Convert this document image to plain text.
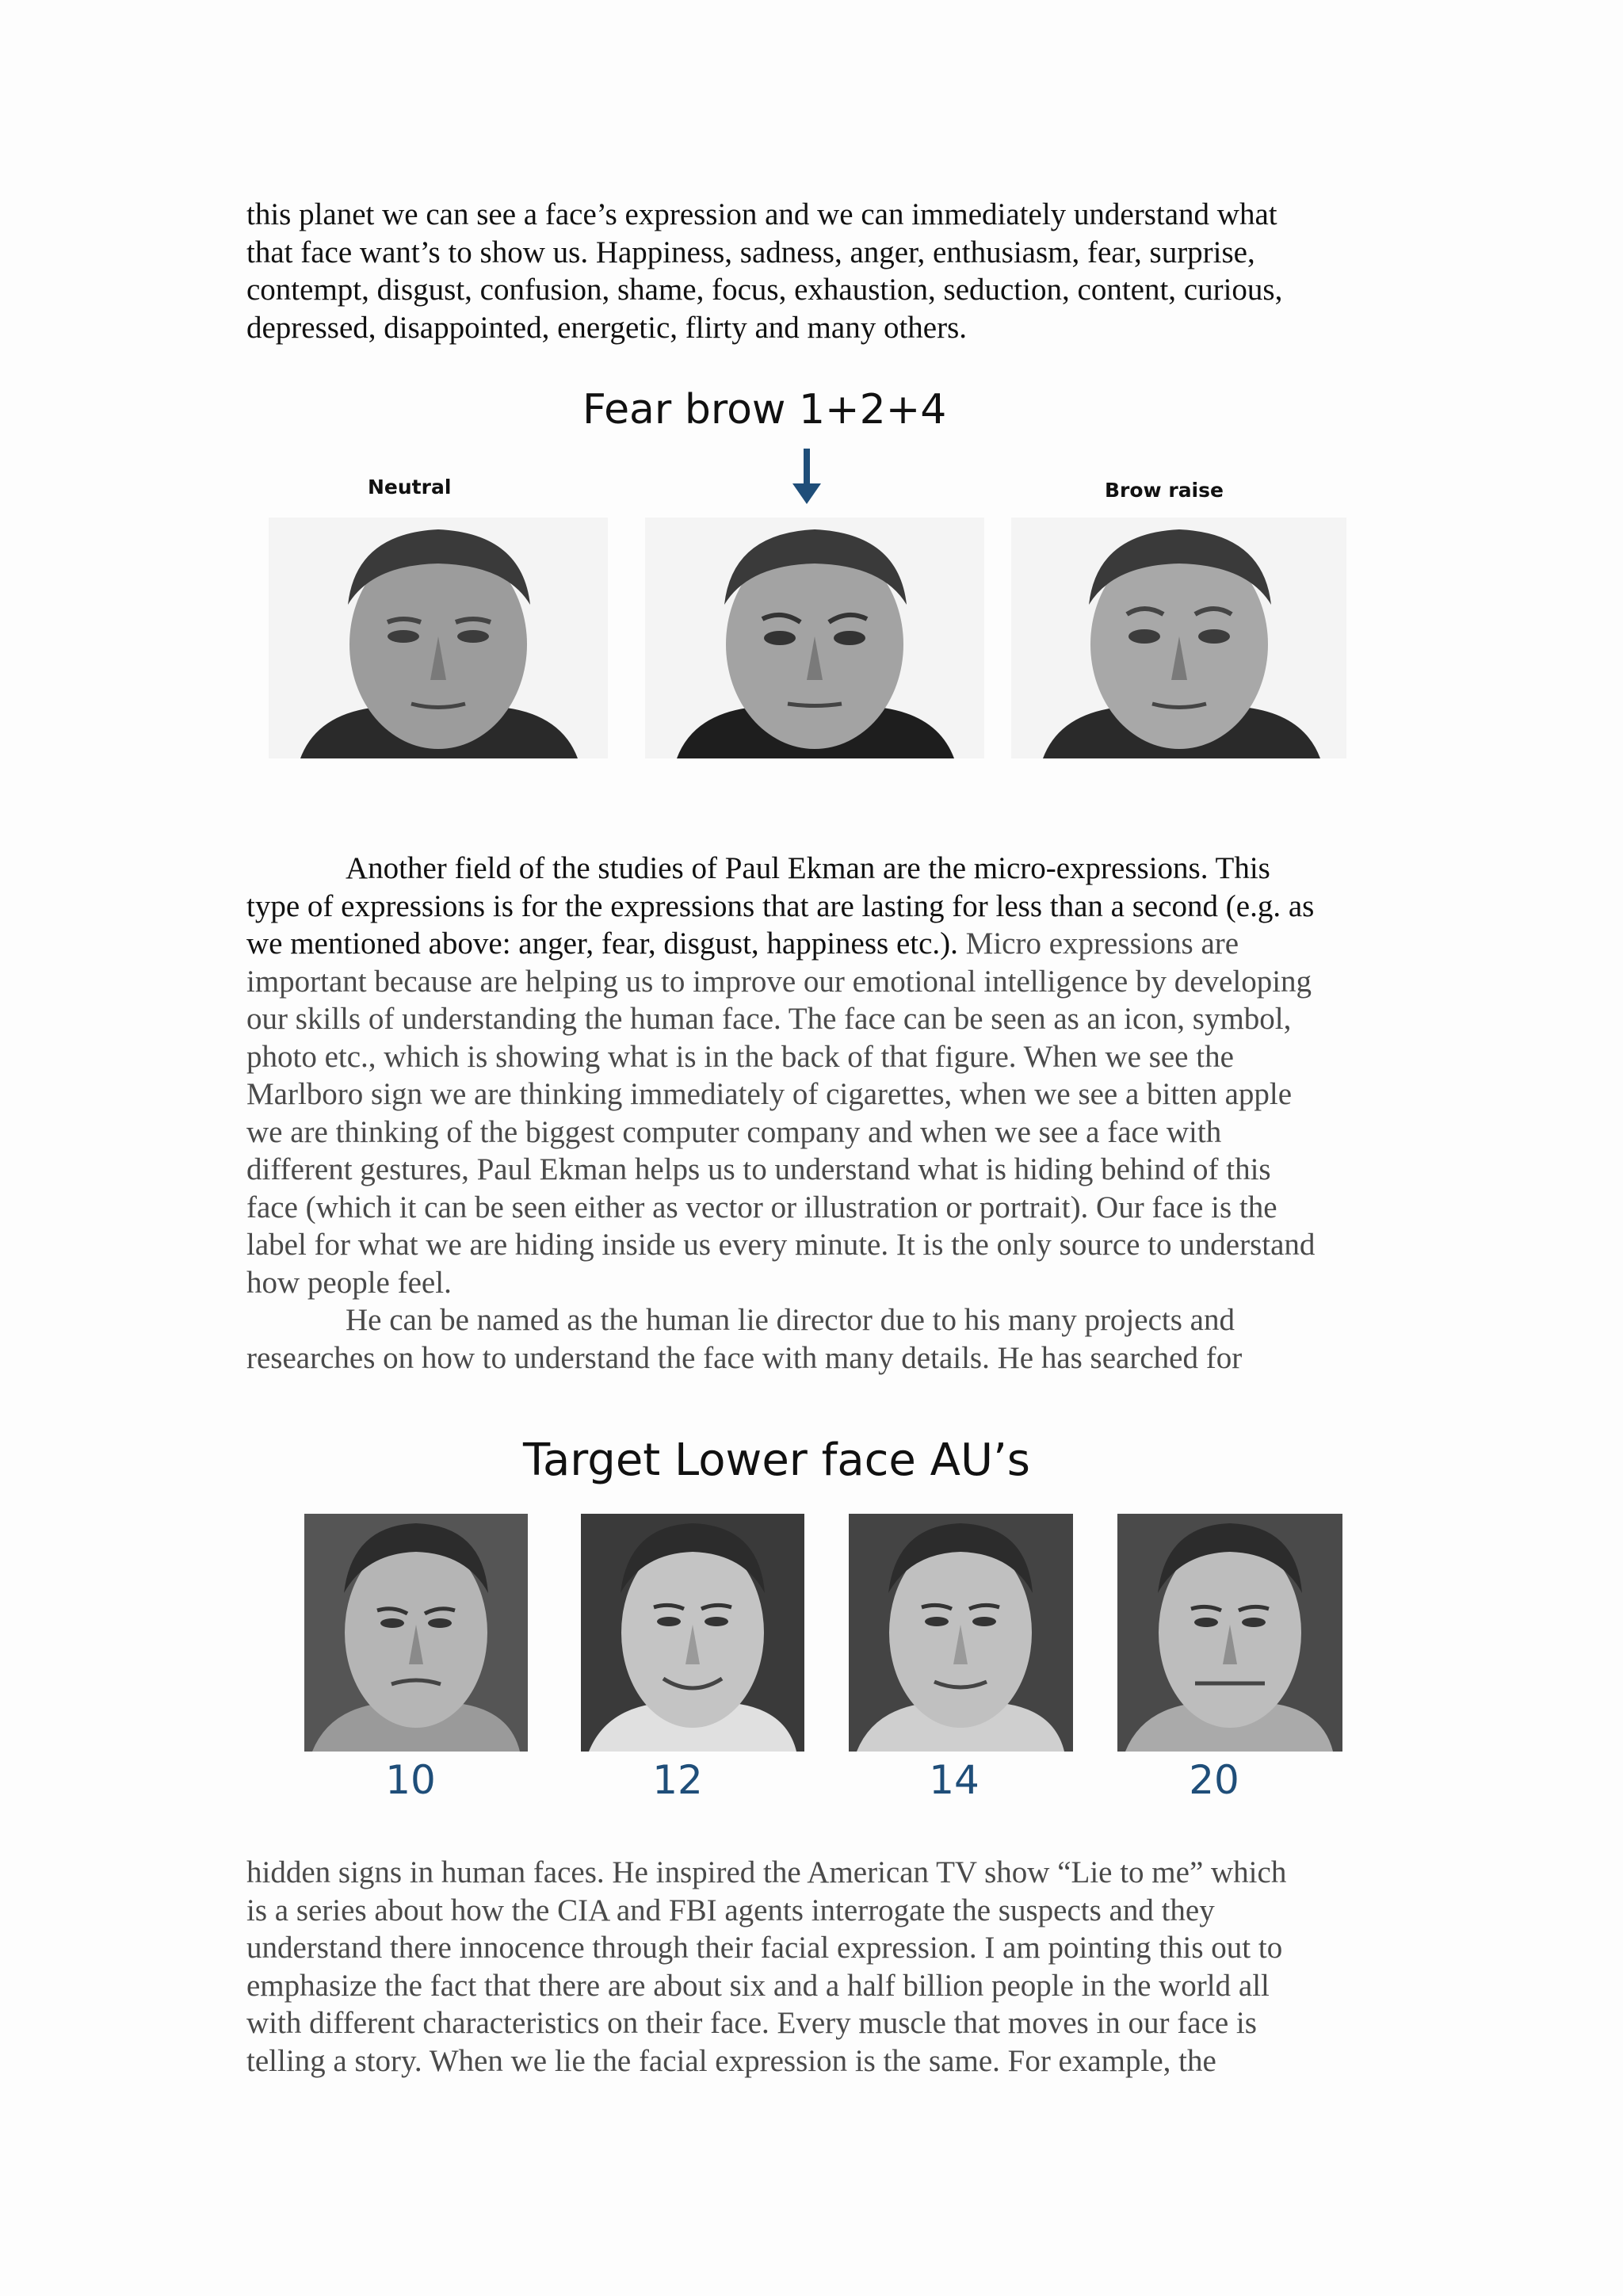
this planet we can see a face’s expression and we can immediately understand what
that face want’s to show us. Happiness, sadness, anger, enthusiasm, fear, surprise,
contempt, disgust, confusion, shame, focus, exhaustion, seduction, content, curious,
depressed, disappointed, energetic, flirty and many others.
Fear brow 1+2+4
Neutral	Brow raise
Another field of the studies of Paul Ekman are the micro-expressions. This
type of expressions is for the expressions that are lasting for less than a second (e.g. as
we mentioned above: anger, fear, disgust, happiness etc.). Micro expressions are
important because are helping us to improve our emotional intelligence by developing
our skills of understanding the human face. The face can be seen as an icon, symbol,
photo etc., which is showing what is in the back of that figure. When we see the
Marlboro sign we are thinking immediately of cigarettes, when we see a bitten apple
we are thinking of the biggest computer company and when we see a face with
different gestures, Paul Ekman helps us to understand what is hiding behind of this
face (which it can be seen either as vector or illustration or portrait). Our face is the
label for what we are hiding inside us every minute. It is the only source to understand
how people feel.
He can be named as the human lie director due to his many projects and
researches on how to understand the face with many details. He has searched for
Target Lower face AU’s
10	12	14	20
hidden signs in human faces. He inspired the American TV show “Lie to me” which
is a series about how the CIA and FBI agents interrogate the suspects and they
understand there innocence through their facial expression. I am pointing this out to
emphasize the fact that there are about six and a half billion people in the world all
with different characteristics on their face. Every muscle that moves in our face is
telling a story. When we lie the facial expression is the same. For example, the
